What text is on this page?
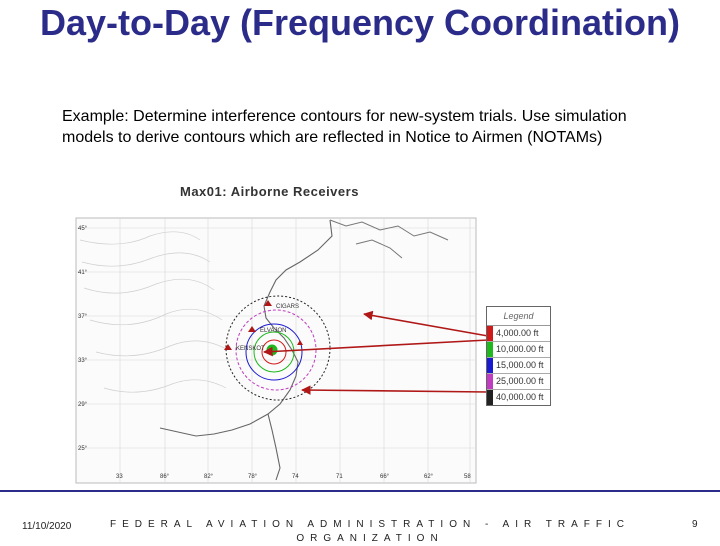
Day-to-Day (Frequency Coordination)
Example: Determine interference contours for new-system trials. Use simulation models to derive contours which are reflected in Notice to Airmen (NOTAMs)
Max01: Airborne Receivers
CIGARS
ELVAJON
KENSKOT
45°
41°
37°
33°
29°
25°
33	86°	82°	78°	74	71	66°	62°	58
Legend
4,000.00 ft
10,000.00 ft
15,000.00 ft
25,000.00 ft
40,000.00 ft
11/10/2020	FEDERAL AVIATION ADMINISTRATION - AIR TRAFFIC ORGANIZATION
9
